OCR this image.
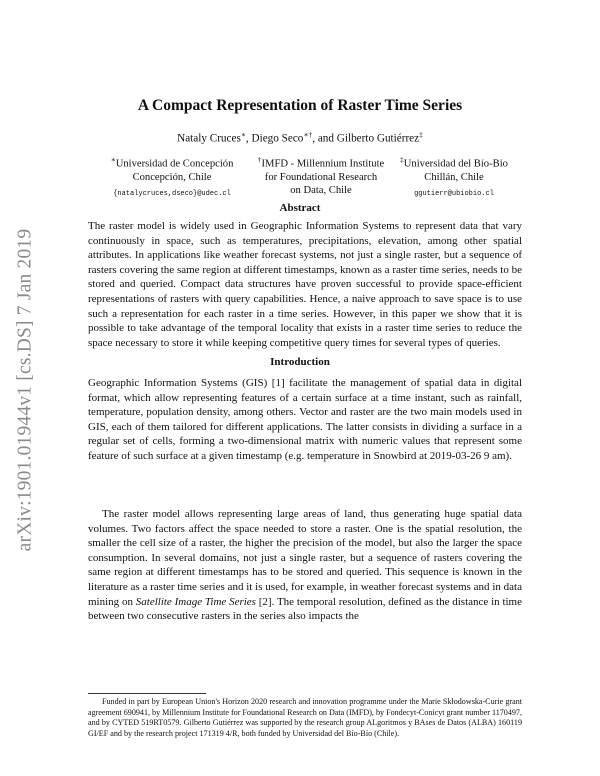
arXiv:1901.01944v1 [cs.DS] 7 Jan 2019
A Compact Representation of Raster Time Series
Nataly Cruces∗, Diego Seco∗†, and Gilberto Gutiérrez‡
∗Universidad de Concepción
Concepción, Chile
{natalycruces,dseco}@udec.cl
†IMFD - Millennium Institute
for Foundational Research
on Data, Chile
‡Universidad del Bío-Bio
Chillán, Chile
ggutierr@ubiobio.cl
Abstract

The raster model is widely used in Geographic Information Systems to represent data that vary continuously in space, such as temperatures, precipitations, elevation, among other spatial attributes. In applications like weather forecast systems, not just a single raster, but a sequence of rasters covering the same region at different timestamps, known as a raster time series, needs to be stored and queried. Compact data structures have proven successful to provide space-efficient representations of rasters with query capabilities. Hence, a naive approach to save space is to use such a representation for each raster in a time series. However, in this paper we show that it is possible to take advantage of the temporal locality that exists in a raster time series to reduce the space necessary to store it while keeping competitive query times for several types of queries.

Introduction

Geographic Information Systems (GIS) [1] facilitate the management of spatial data in digital format, which allow representing features of a certain surface at a time instant, such as rainfall, temperature, population density, among others. Vector and raster are the two main models used in GIS, each of them tailored for different applications. The latter consists in dividing a surface in a regular set of cells, forming a two-dimensional matrix with numeric values that represent some feature of such surface at a given timestamp (e.g. temperature in Snowbird at 2019-03-26 9 am).

The raster model allows representing large areas of land, thus generating huge spatial data volumes. Two factors affect the space needed to store a raster. One is the spatial resolution, the smaller the cell size of a raster, the higher the precision of the model, but also the larger the space consumption. In several domains, not just a single raster, but a sequence of rasters covering the same region at different timestamps has to be stored and queried. This sequence is known in the literature as a raster time series and it is used, for example, in weather forecast systems and in data mining on Satellite Image Time Series [2]. The temporal resolution, defined as the distance in time between two consecutive rasters in the series also impacts the

Funded in part by European Union's Horizon 2020 research and innovation programme under the Marie Skłodowska-Curie grant agreement 690941, by Millennium Institute for Foundational Research on Data (IMFD), by Fondecyt-Conicyt grant number 1170497, and by CYTED 519RT0579. Gilberto Gutiérrez was supported by the research group ALgoritmos y BAses de Datos (ALBA) 160119 GI/EF and by the research project 171319 4/R, both funded by Universidad del Bío-Bío (Chile).
